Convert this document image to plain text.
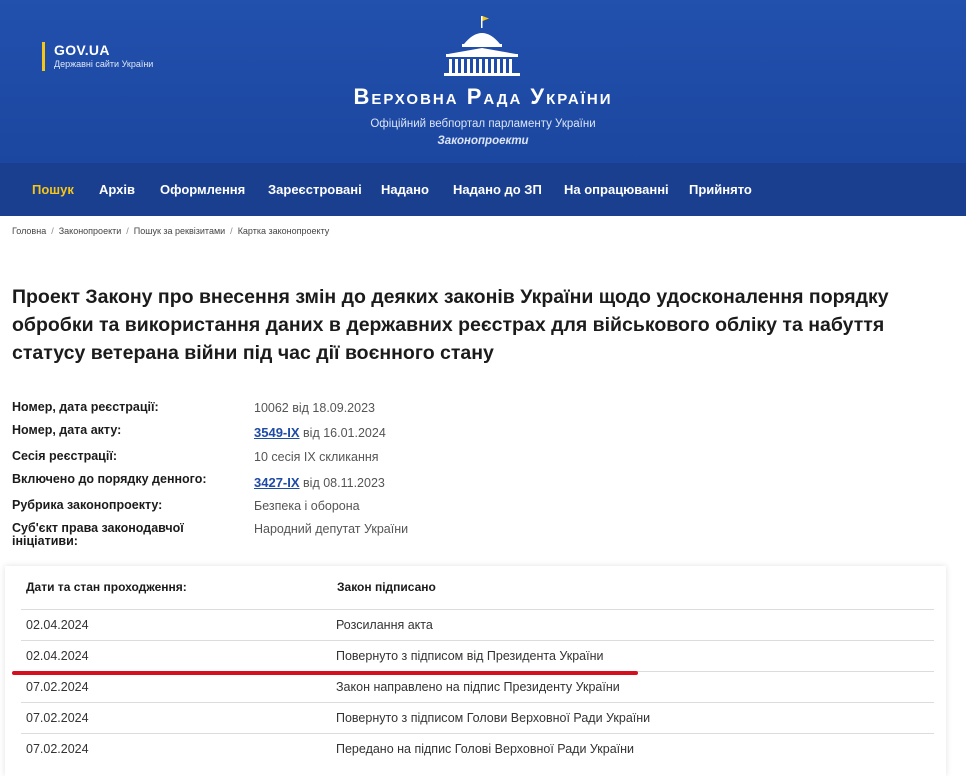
GOV.UA
Державні сайти України
Верховна Рада України
Офіційний вебпортал парламенту України
Законопроекти
Пошук Архів Оформлення Зареєстровані Надано Надано до ЗП На опрацюванні Прийнято
Головна / Законопроекти / Пошук за реквізитами / Картка законопроекту
Проект Закону про внесення змін до деяких законів України щодо удосконалення порядку обробки та використання даних в державних реєстрах для військового обліку та набуття статусу ветерана війни під час дії воєнного стану
Номер, дата реєстрації:	10062 від 18.09.2023
Номер, дата акту:	3549-IX від 16.01.2024
Сесія реєстрації:	10 сесія IX скликання
Включено до порядку денного:	3427-IX від 08.11.2023
Рубрика законопроекту:	Безпека і оборона
Суб'єкт права законодавчої ініціативи:
Народний депутат України
Дати та стан проходження:	Закон підписано
02.04.2024	Розсилання акта
02.04.2024	Повернуто з підписом від Президента України
07.02.2024	Закон направлено на підпис Президенту України
07.02.2024	Повернуто з підписом Голови Верховної Ради України
07.02.2024	Передано на підпис Голові Верховної Ради України
